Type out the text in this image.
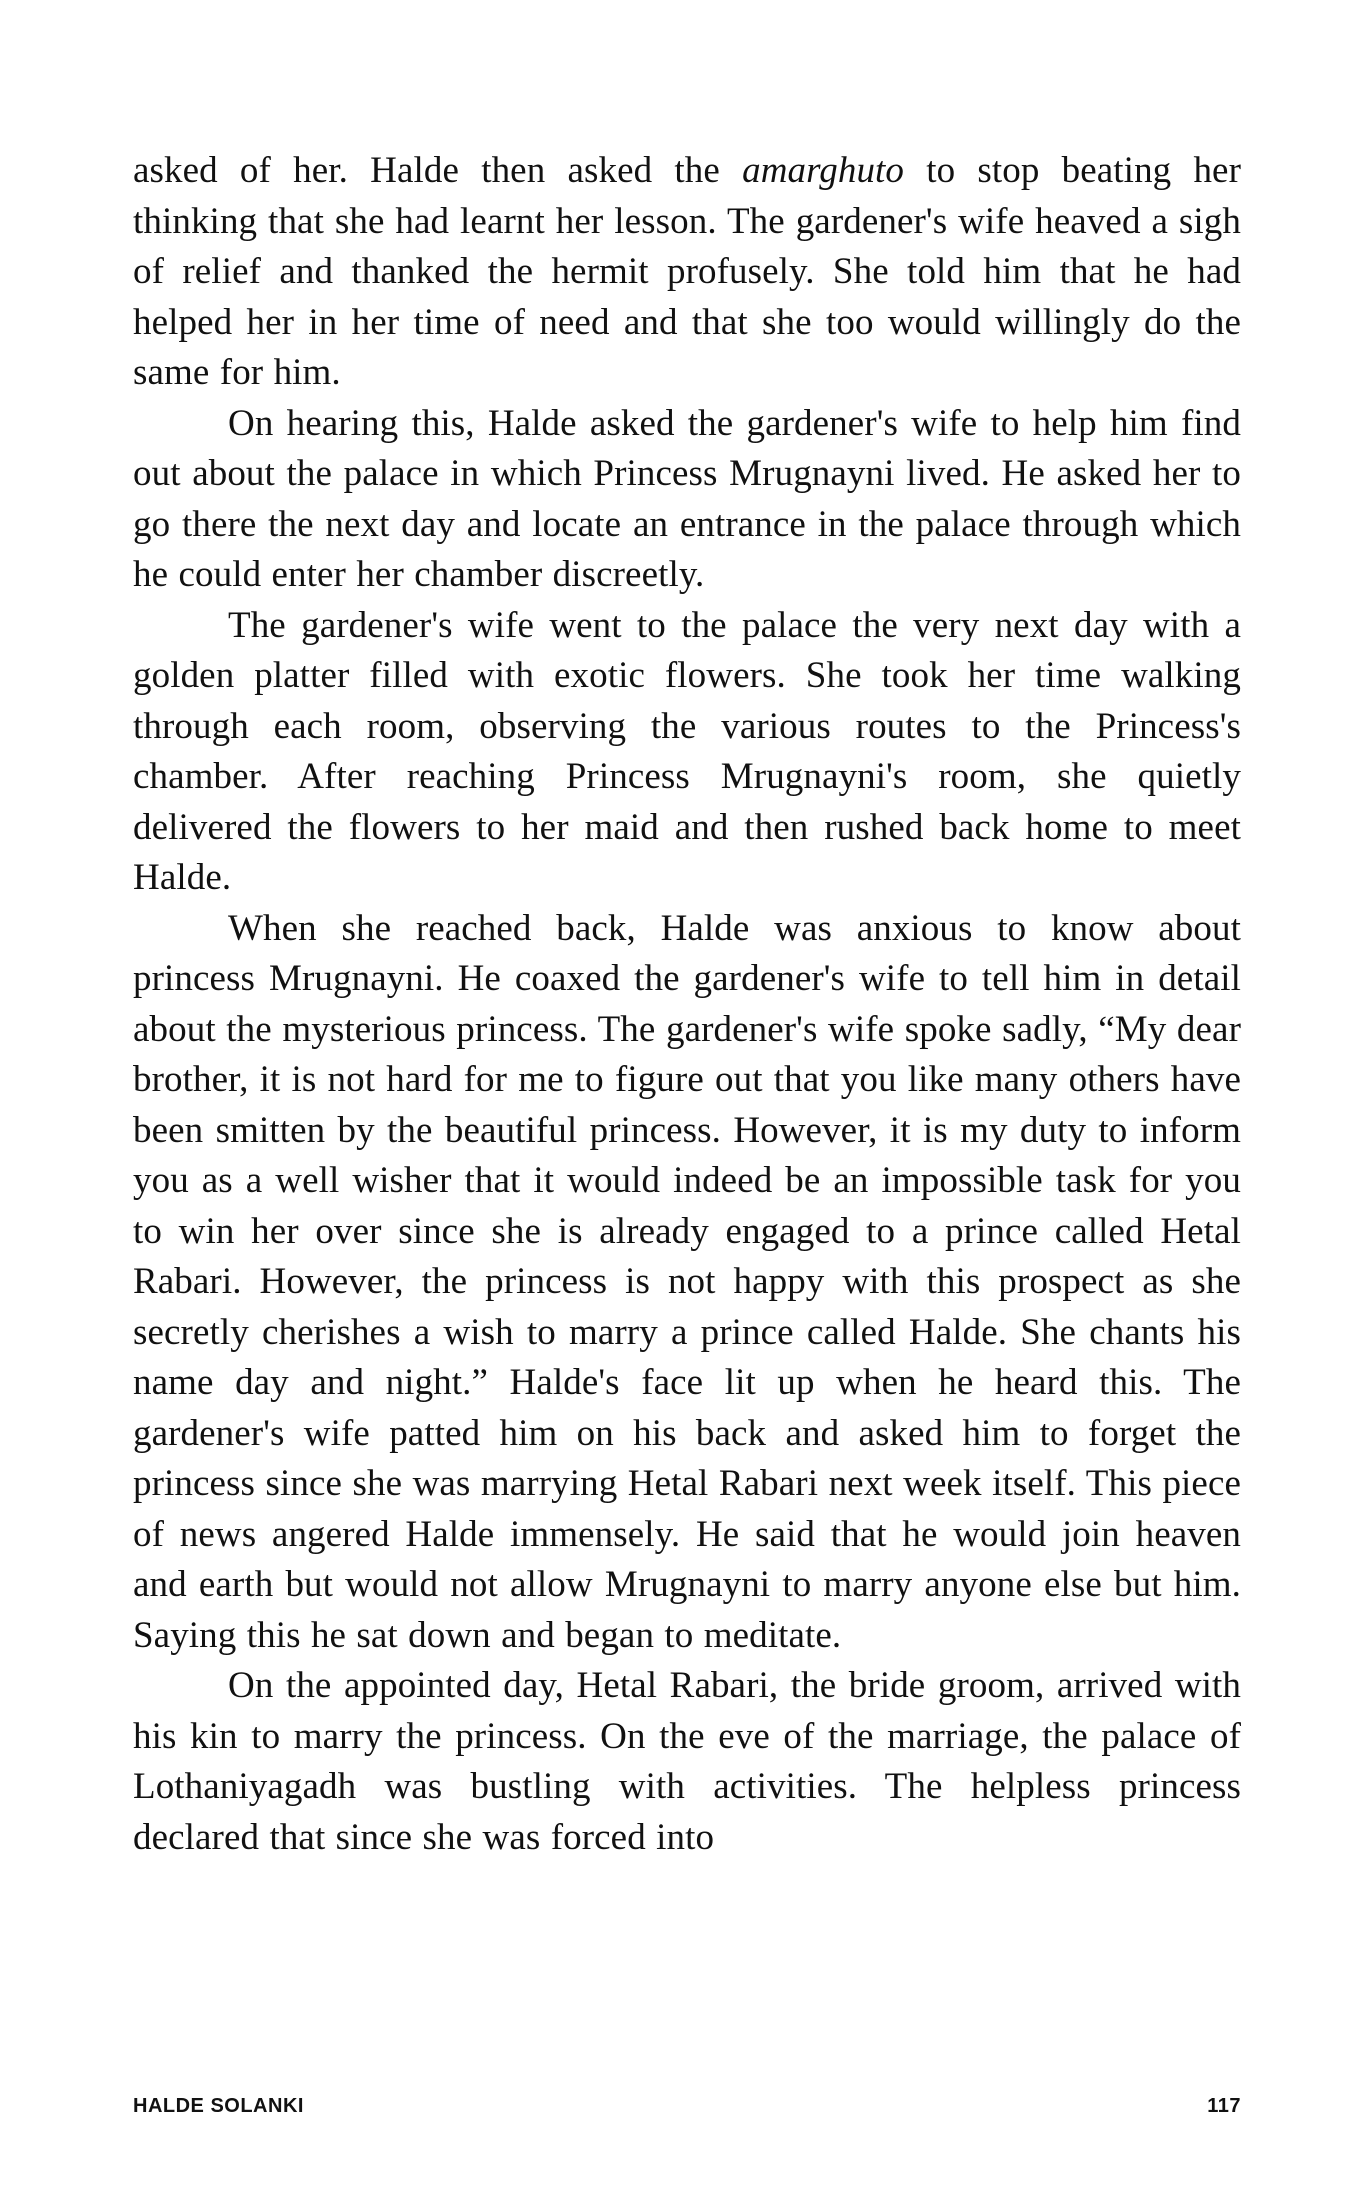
asked of her. Halde then asked the amarghuto to stop beating her thinking that she had learnt her lesson. The gardener's wife heaved a sigh of relief and thanked the hermit profusely. She told him that he had helped her in her time of need and that she too would willingly do the same for him.

On hearing this, Halde asked the gardener's wife to help him find out about the palace in which Princess Mrugnayni lived. He asked her to go there the next day and locate an entrance in the palace through which he could enter her chamber discreetly.

The gardener's wife went to the palace the very next day with a golden platter filled with exotic flowers. She took her time walking through each room, observing the various routes to the Princess's chamber. After reaching Princess Mrugnayni's room, she quietly delivered the flowers to her maid and then rushed back home to meet Halde.

When she reached back, Halde was anxious to know about princess Mrugnayni. He coaxed the gardener's wife to tell him in detail about the mysterious princess. The gardener's wife spoke sadly, “My dear brother, it is not hard for me to figure out that you like many others have been smitten by the beautiful princess. However, it is my duty to inform you as a well wisher that it would indeed be an impossible task for you to win her over since she is already engaged to a prince called Hetal Rabari. However, the princess is not happy with this prospect as she secretly cherishes a wish to marry a prince called Halde. She chants his name day and night.” Halde's face lit up when he heard this. The gardener's wife patted him on his back and asked him to forget the princess since she was marrying Hetal Rabari next week itself. This piece of news angered Halde immensely. He said that he would join heaven and earth but would not allow Mrugnayni to marry anyone else but him. Saying this he sat down and began to meditate.

On the appointed day, Hetal Rabari, the bride groom, arrived with his kin to marry the princess. On the eve of the marriage, the palace of Lothaniyagadh was bustling with activities. The helpless princess declared that since she was forced into

HALDE SOLANKI	117
